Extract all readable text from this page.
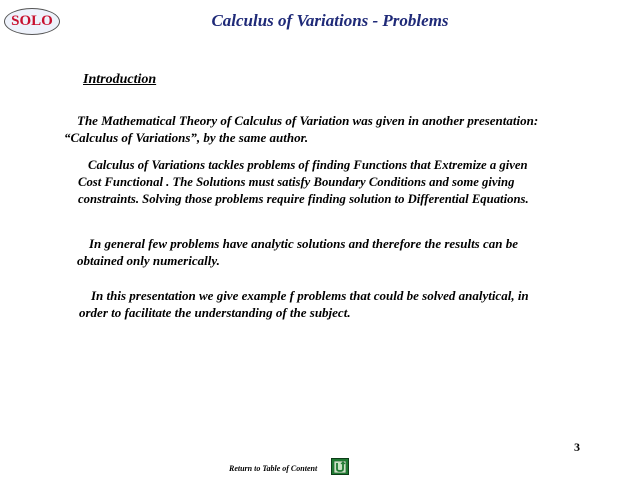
SOLO	Calculus of Variations - Problems
Introduction
The Mathematical Theory of Calculus of Variation was given in another presentation:
“Calculus of Variations”, by the same author.
Calculus of Variations tackles problems of finding Functions that Extremize a given
Cost Functional . The Solutions must satisfy Boundary Conditions and some giving
constraints. Solving those problems require finding solution to Differential Equations.
In general few problems have analytic solutions and therefore the results can be
obtained only numerically.
In this presentation we give example f problems that could be solved analytical, in
order to facilitate the understanding of the subject.
3
Return to Table of Content
